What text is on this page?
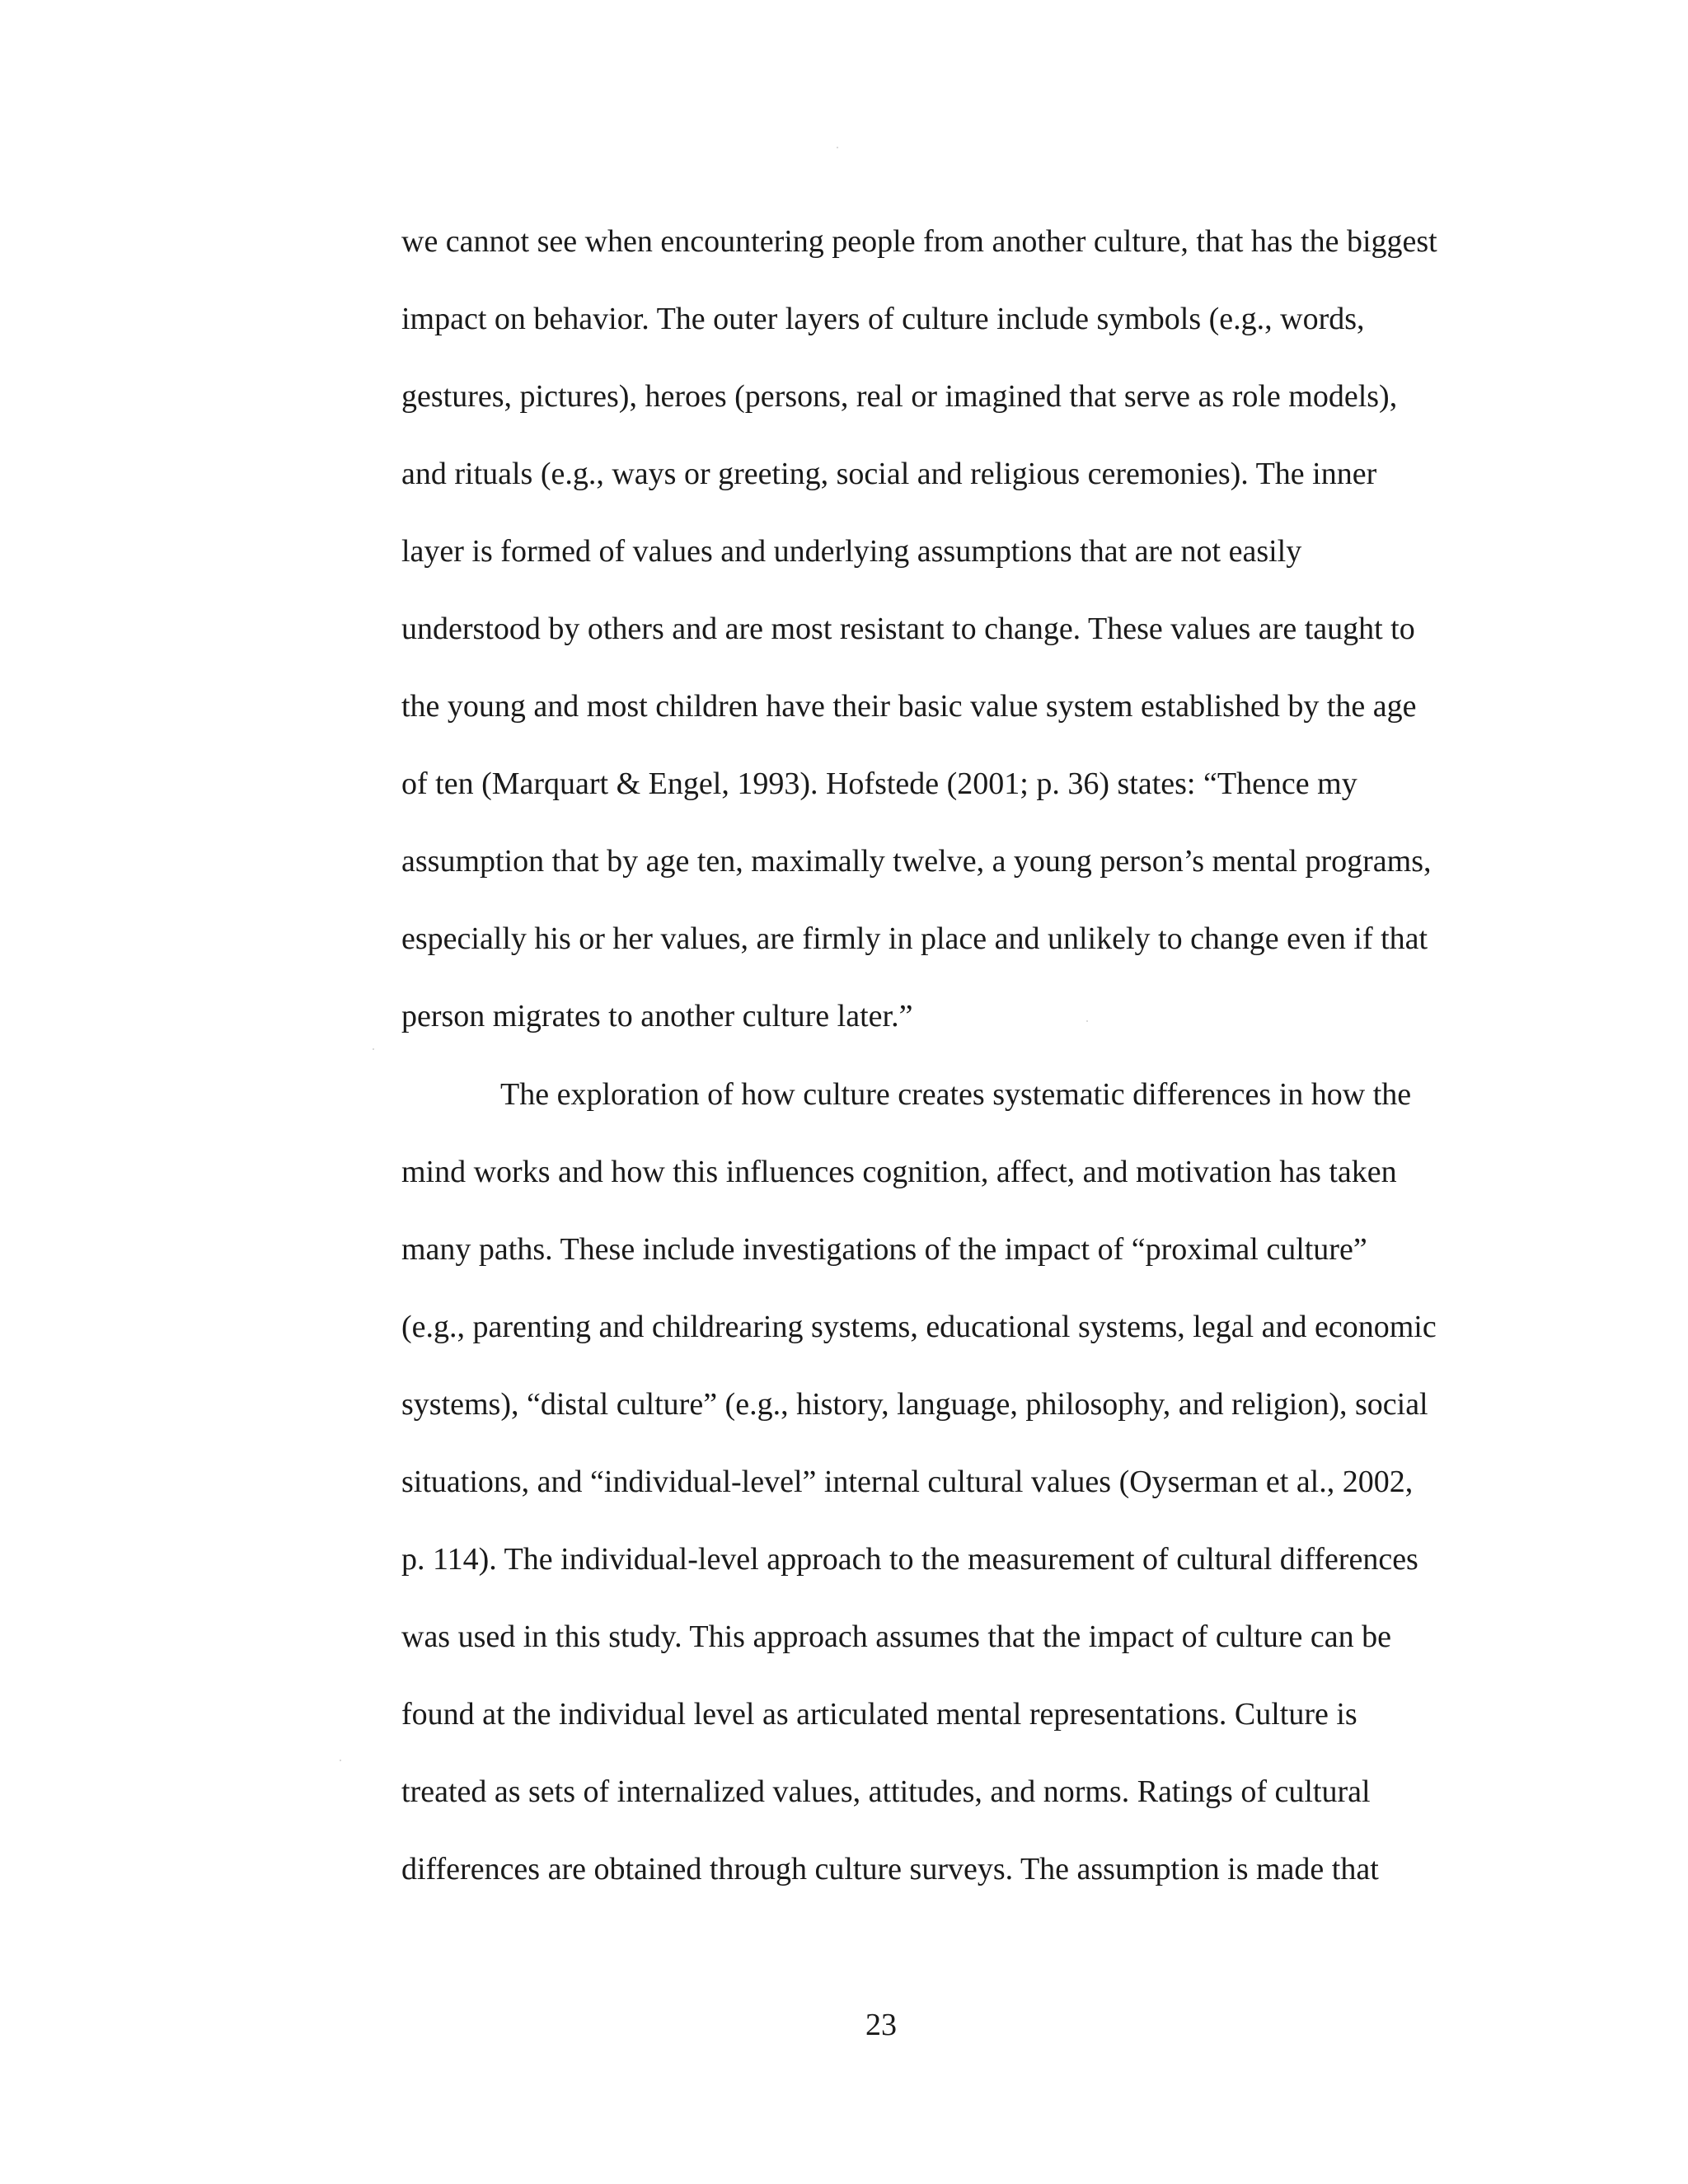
we cannot see when encountering people from another culture, that has the biggest
impact on behavior. The outer layers of culture include symbols (e.g., words,
gestures, pictures), heroes (persons, real or imagined that serve as role models),
and rituals (e.g., ways or greeting, social and religious ceremonies). The inner
layer is formed of values and underlying assumptions that are not easily
understood by others and are most resistant to change. These values are taught to
the young and most children have their basic value system established by the age
of ten (Marquart & Engel, 1993). Hofstede (2001; p. 36) states: “Thence my
assumption that by age ten, maximally twelve, a young person’s mental programs,
especially his or her values, are firmly in place and unlikely to change even if that
person migrates to another culture later.”
The exploration of how culture creates systematic differences in how the
mind works and how this influences cognition, affect, and motivation has taken
many paths. These include investigations of the impact of “proximal culture”
(e.g., parenting and childrearing systems, educational systems, legal and economic
systems), “distal culture” (e.g., history, language, philosophy, and religion), social
situations, and “individual-level” internal cultural values (Oyserman et al., 2002,
p. 114). The individual-level approach to the measurement of cultural differences
was used in this study. This approach assumes that the impact of culture can be
found at the individual level as articulated mental representations. Culture is
treated as sets of internalized values, attitudes, and norms. Ratings of cultural
differences are obtained through culture surveys. The assumption is made that
23
